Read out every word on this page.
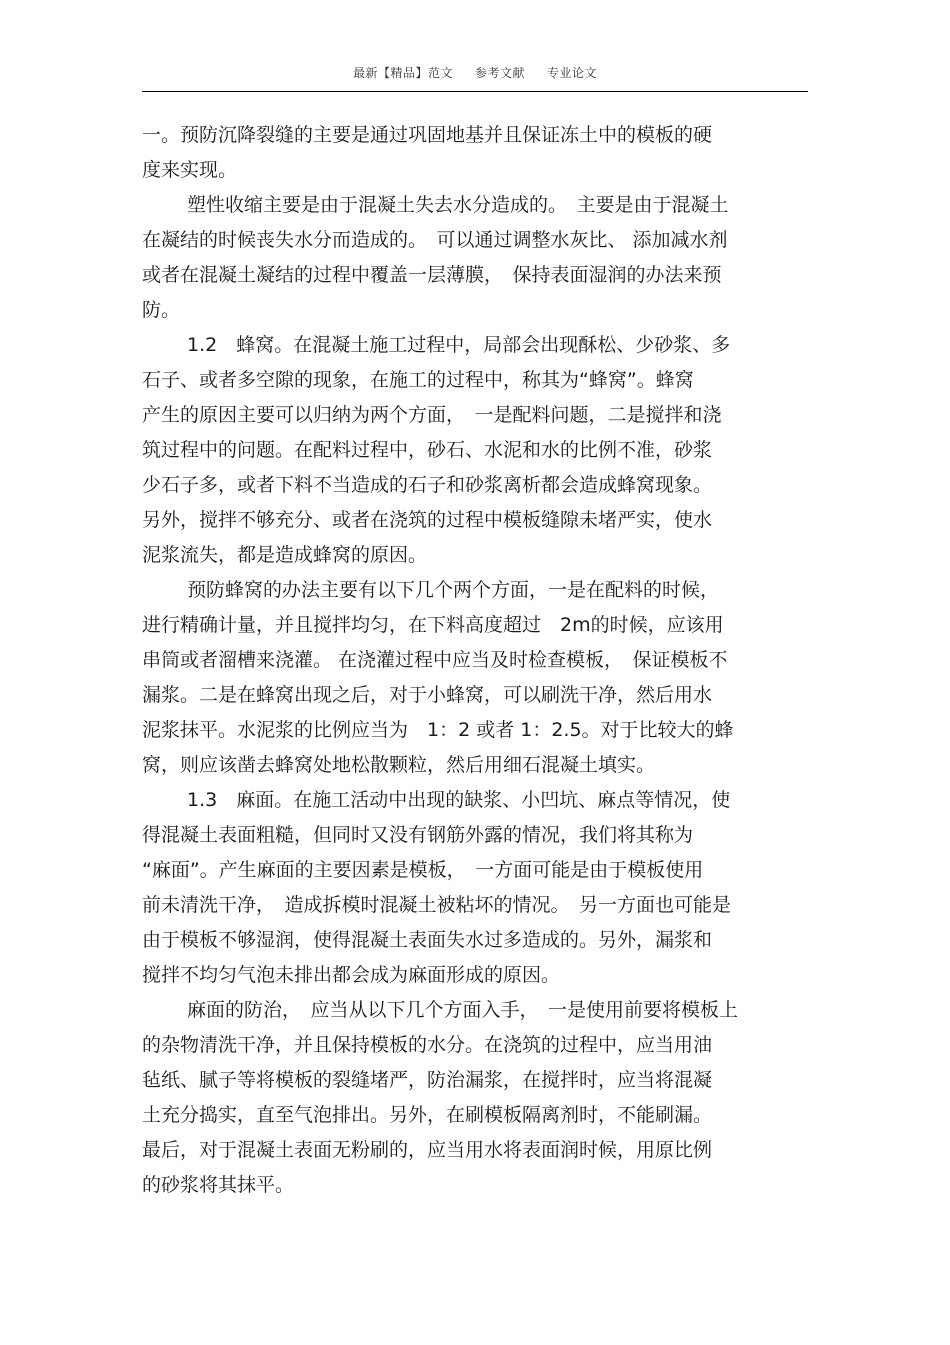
最新【精品】范文 参考文献 专业论文

一。预防沉降裂缝的主要是通过巩固地基并且保证冻土中的模板的硬
度来实现。

塑性收缩主要是由于混凝土失去水分造成的。　主要是由于混凝土
在凝结的时候丧失水分而造成的。　可以通过调整水灰比、 添加减水剂
或者在混凝土凝结的过程中覆盖一层薄膜，　保持表面湿润的办法来预
防。

1.2　蜂窝。在混凝土施工过程中，局部会出现酥松、少砂浆、多
石子、或者多空隙的现象，在施工的过程中，称其为“蜂窝”。蜂窝
产生的原因主要可以归纳为两个方面，　一是配料问题，二是搅拌和浇
筑过程中的问题。在配料过程中，砂石、水泥和水的比例不准，砂浆
少石子多，或者下料不当造成的石子和砂浆离析都会造成蜂窝现象。
另外，搅拌不够充分、或者在浇筑的过程中模板缝隙未堵严实，使水
泥浆流失，都是造成蜂窝的原因。

预防蜂窝的办法主要有以下几个两个方面，一是在配料的时候，
进行精确计量，并且搅拌均匀，在下料高度超过　2m的时候，应该用
串筒或者溜槽来浇灌。 在浇灌过程中应当及时检查模板，　保证模板不
漏浆。二是在蜂窝出现之后，对于小蜂窝，可以刷洗干净，然后用水
泥浆抹平。水泥浆的比例应当为　1：2 或者 1：2.5。对于比较大的蜂
窝，则应该凿去蜂窝处地松散颗粒，然后用细石混凝土填实。

1.3　麻面。在施工活动中出现的缺浆、小凹坑、麻点等情况，使
得混凝土表面粗糙，但同时又没有钢筋外露的情况，我们将其称为
“麻面”。产生麻面的主要因素是模板，　一方面可能是由于模板使用
前未清洗干净，　造成拆模时混凝土被粘坏的情况。　另一方面也可能是
由于模板不够湿润，使得混凝土表面失水过多造成的。另外，漏浆和
搅拌不均匀气泡未排出都会成为麻面形成的原因。

麻面的防治，　应当从以下几个方面入手，　一是使用前要将模板上
的杂物清洗干净，并且保持模板的水分。在浇筑的过程中，应当用油
毡纸、腻子等将模板的裂缝堵严，防治漏浆，在搅拌时，应当将混凝
土充分捣实，直至气泡排出。另外，在刷模板隔离剂时，不能刷漏。
最后，对于混凝土表面无粉刷的，应当用水将表面润时候，用原比例
的砂浆将其抹平。
